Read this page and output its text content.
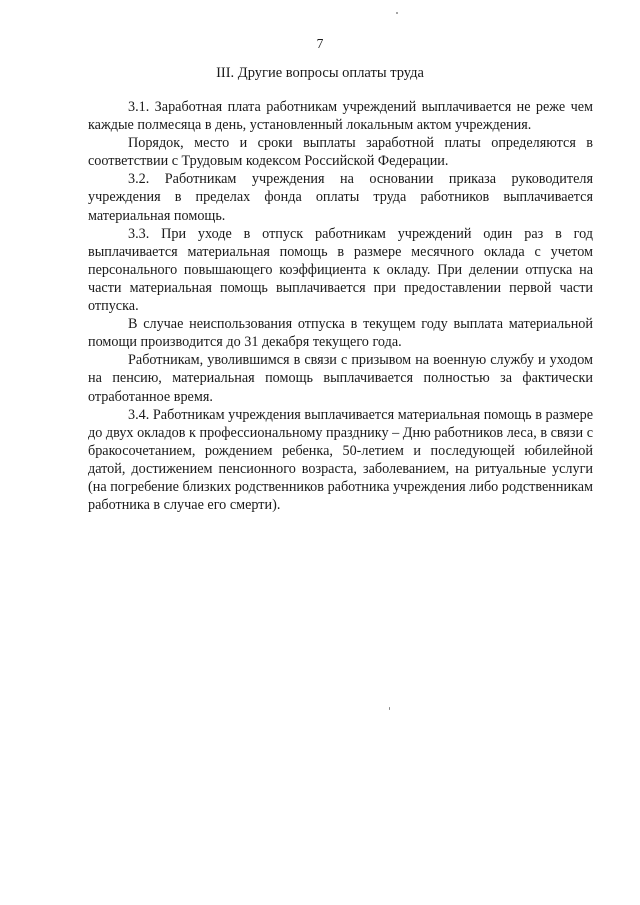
7
III. Другие вопросы оплаты труда

3.1. Заработная плата работникам учреждений выплачивается не реже чем каждые полмесяца в день, установленный локальным актом учреждения.

Порядок, место и сроки выплаты заработной платы определяются в соответствии с Трудовым кодексом Российской Федерации.

3.2. Работникам учреждения на основании приказа руководителя учреждения в пределах фонда оплаты труда работников выплачивается материальная помощь.

3.3. При уходе в отпуск работникам учреждений один раз в год выплачивается материальная помощь в размере месячного оклада с учетом персонального повышающего коэффициента к окладу. При делении отпуска на части материальная помощь выплачивается при предоставлении первой части отпуска.

В случае неиспользования отпуска в текущем году выплата материальной помощи производится до 31 декабря текущего года.

Работникам, уволившимся в связи с призывом на военную службу и уходом на пенсию, материальная помощь выплачивается полностью за фактически отработанное время.

3.4. Работникам учреждения выплачивается материальная помощь в размере до двух окладов к профессиональному празднику – Дню работников леса, в связи с бракосочетанием, рождением ребенка, 50-летием и последующей юбилейной датой, достижением пенсионного возраста, заболеванием, на ритуальные услуги (на погребение близких родственников работника учреждения либо родственникам работника в случае его смерти).
